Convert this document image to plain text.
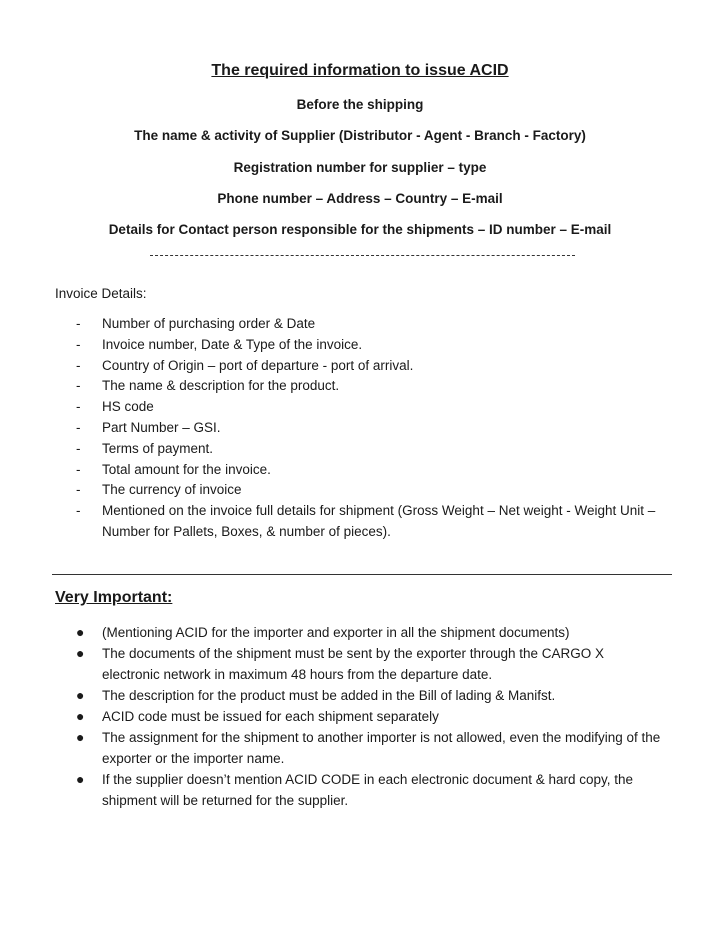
The required information to issue ACID
Before the shipping
The name & activity of Supplier (Distributor - Agent - Branch - Factory)
Registration number for supplier – type
Phone number – Address – Country – E-mail
Details for Contact person responsible for the shipments – ID number – E-mail
Invoice Details:
- Number of purchasing order & Date
- Invoice number, Date & Type of the invoice.
- Country of Origin – port of departure - port of arrival.
- The name & description for the product.
- HS code
- Part Number – GSI.
- Terms of payment.
- Total amount for the invoice.
- The currency of invoice
- Mentioned on the invoice full details for shipment (Gross Weight – Net weight - Weight Unit – Number for Pallets, Boxes, & number of pieces).
Very Important:
● (Mentioning ACID for the importer and exporter in all the shipment documents)
● The documents of the shipment must be sent by the exporter through the CARGO X electronic network in maximum 48 hours from the departure date.
● The description for the product must be added in the Bill of lading & Manifst.
● ACID code must be issued for each shipment separately
● The assignment for the shipment to another importer is not allowed, even the modifying of the exporter or the importer name.
● If the supplier doesn’t mention ACID CODE in each electronic document & hard copy, the shipment will be returned for the supplier.
